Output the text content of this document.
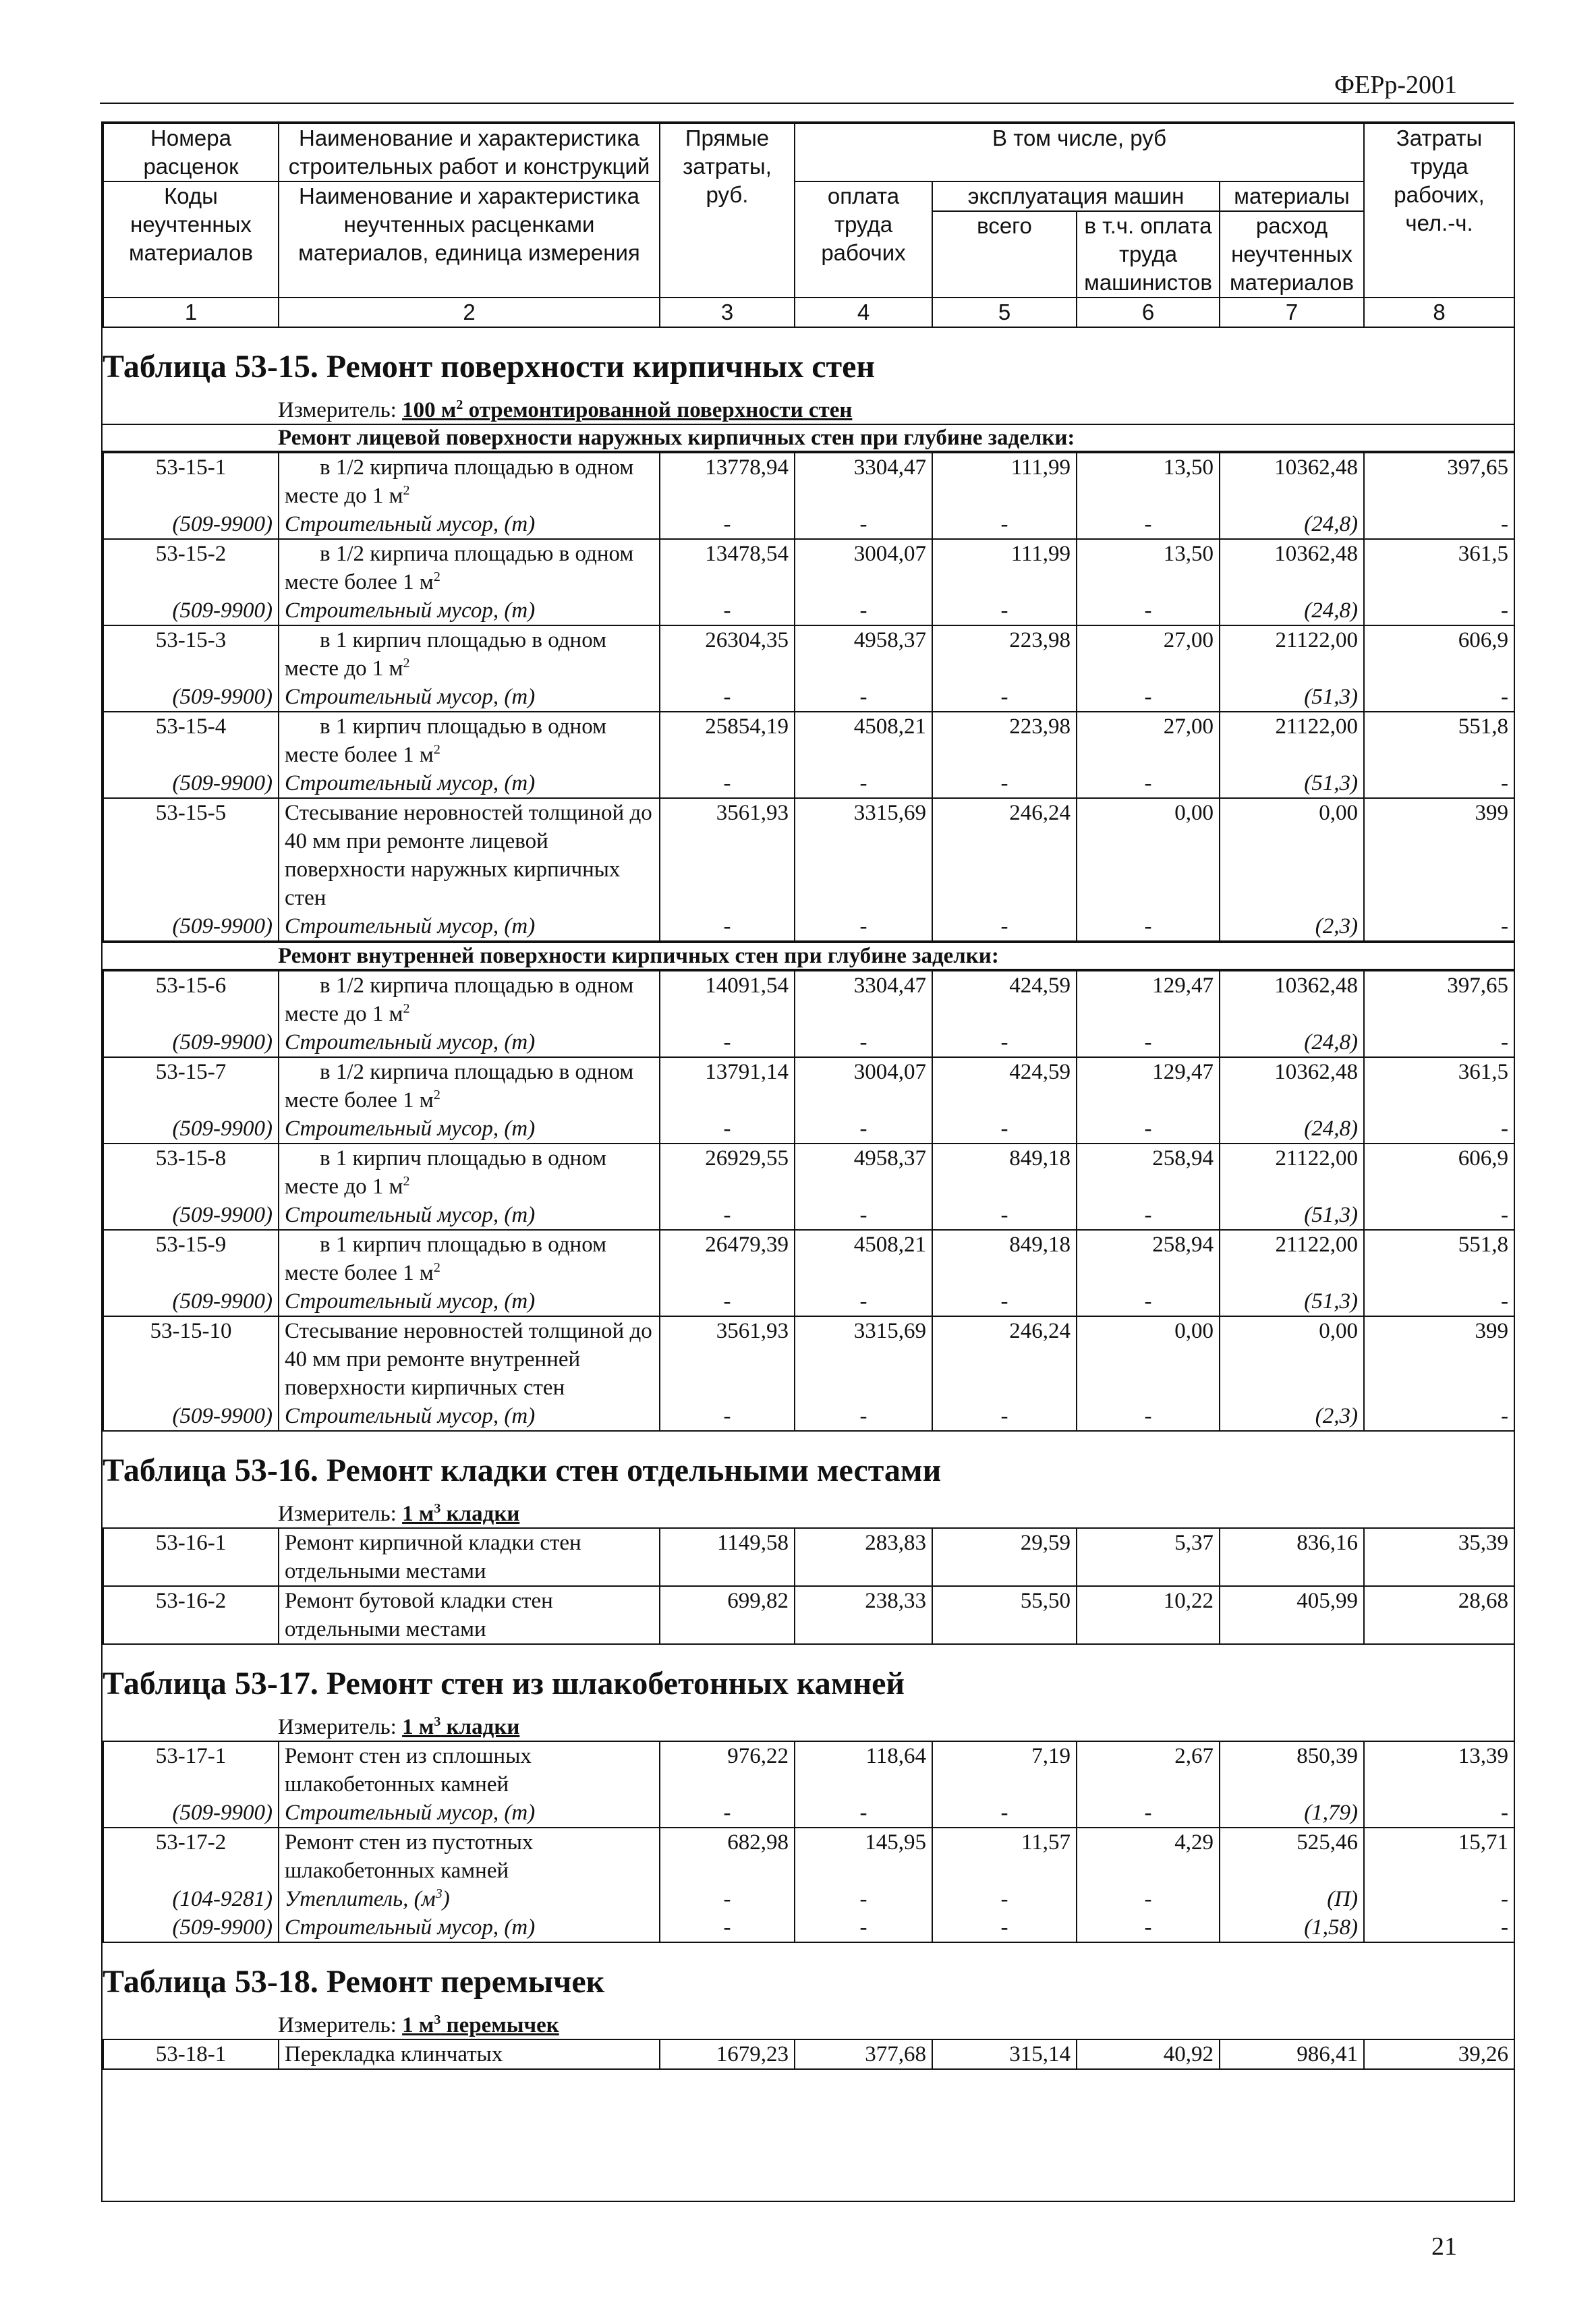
ФЕРр-2001
Номера расценок	Наименование и характеристика строительных работ и конструкций	Прямые затраты, руб.	В том числе, руб				Затраты труда рабочих, чел.-ч.
Коды неучтенных материалов	Наименование и характеристика неучтенных расценками материалов, единица измерения		оплата труда рабочих	эксплуатация машин		материалы	
				всего	в т.ч. оплата труда машинистов	расход неучтенных материалов	
1	2	3	4	5	6	7	8
Таблица 53-15. Ремонт поверхности кирпичных стен
Измеритель: 100 $м^2$ отремонтированной поверхности стен
Ремонт лицевой поверхности наружных кирпичных стен при глубине заделки:
53-15-1	в 1/2 кирпича площадью в одном месте до 1 $м^2$	13778,94	3304,47	111,99	13,50	10362,48	397,65
(509-9900)	Строительный мусор, (т)	-	-	-	-	(24,8)	-
53-15-2	в 1/2 кирпича площадью в одном месте более 1 $м^2$	13478,54	3004,07	111,99	13,50	10362,48	361,5
(509-9900)	Строительный мусор, (т)	-	-	-	-	(24,8)	-
53-15-3	в 1 кирпич площадью в одном месте до 1 $м^2$	26304,35	4958,37	223,98	27,00	21122,00	606,9
(509-9900)	Строительный мусор, (т)	-	-	-	-	(51,3)	-
53-15-4	в 1 кирпич площадью в одном месте более 1 $м^2$	25854,19	4508,21	223,98	27,00	21122,00	551,8
(509-9900)	Строительный мусор, (т)	-	-	-	-	(51,3)	-
53-15-5	Стесывание неровностей толщиной до 40 мм при ремонте лицевой поверхности наружных кирпичных стен	3561,93	3315,69	246,24	0,00	0,00	399
(509-9900)	Строительный мусор, (т)	-	-	-	-	(2,3)	-
Ремонт внутренней поверхности кирпичных стен при глубине заделки:
53-15-6	в 1/2 кирпича площадью в одном месте до 1 $м^2$	14091,54	3304,47	424,59	129,47	10362,48	397,65
(509-9900)	Строительный мусор, (т)	-	-	-	-	(24,8)	-
53-15-7	в 1/2 кирпича площадью в одном месте более 1 $м^2$	13791,14	3004,07	424,59	129,47	10362,48	361,5
(509-9900)	Строительный мусор, (т)	-	-	-	-	(24,8)	-
53-15-8	в 1 кирпич площадью в одном месте до 1 $м^2$	26929,55	4958,37	849,18	258,94	21122,00	606,9
(509-9900)	Строительный мусор, (т)	-	-	-	-	(51,3)	-
53-15-9	в 1 кирпич площадью в одном месте более 1 $м^2$	26479,39	4508,21	849,18	258,94	21122,00	551,8
(509-9900)	Строительный мусор, (т)	-	-	-	-	(51,3)	-
53-15-10	Стесывание неровностей толщиной до 40 мм при ремонте внутренней поверхности кирпичных стен	3561,93	3315,69	246,24	0,00	0,00	399
(509-9900)	Строительный мусор, (т)	-	-	-	-	(2,3)	-
Таблица 53-16. Ремонт кладки стен отдельными местами
Измеритель: 1 $м^3$ кладки
53-16-1	Ремонт кирпичной кладки стен отдельными местами	1149,58	283,83	29,59	5,37	836,16	35,39
53-16-2	Ремонт бутовой кладки стен отдельными местами	699,82	238,33	55,50	10,22	405,99	28,68
Таблица 53-17. Ремонт стен из шлакобетонных камней
Измеритель: 1 $м^3$ кладки
53-17-1	Ремонт стен из сплошных шлакобетонных камней	976,22	118,64	7,19	2,67	850,39	13,39
(509-9900)	Строительный мусор, (т)	-	-	-	-	(1,79)	-
53-17-2	Ремонт стен из пустотных шлакобетонных камней	682,98	145,95	11,57	4,29	525,46	15,71
(104-9281)	Утеплитель, $(м^3)$	-	-	-	-	(П)	-
(509-9900)	Строительный мусор, (т)	-	-	-	-	(1,58)	-
Таблица 53-18. Ремонт перемычек
Измеритель: 1 $м^3$ перемычек
53-18-1	Перекладка клинчатых	1679,23	377,68	315,14	40,92	986,41	39,26
21
